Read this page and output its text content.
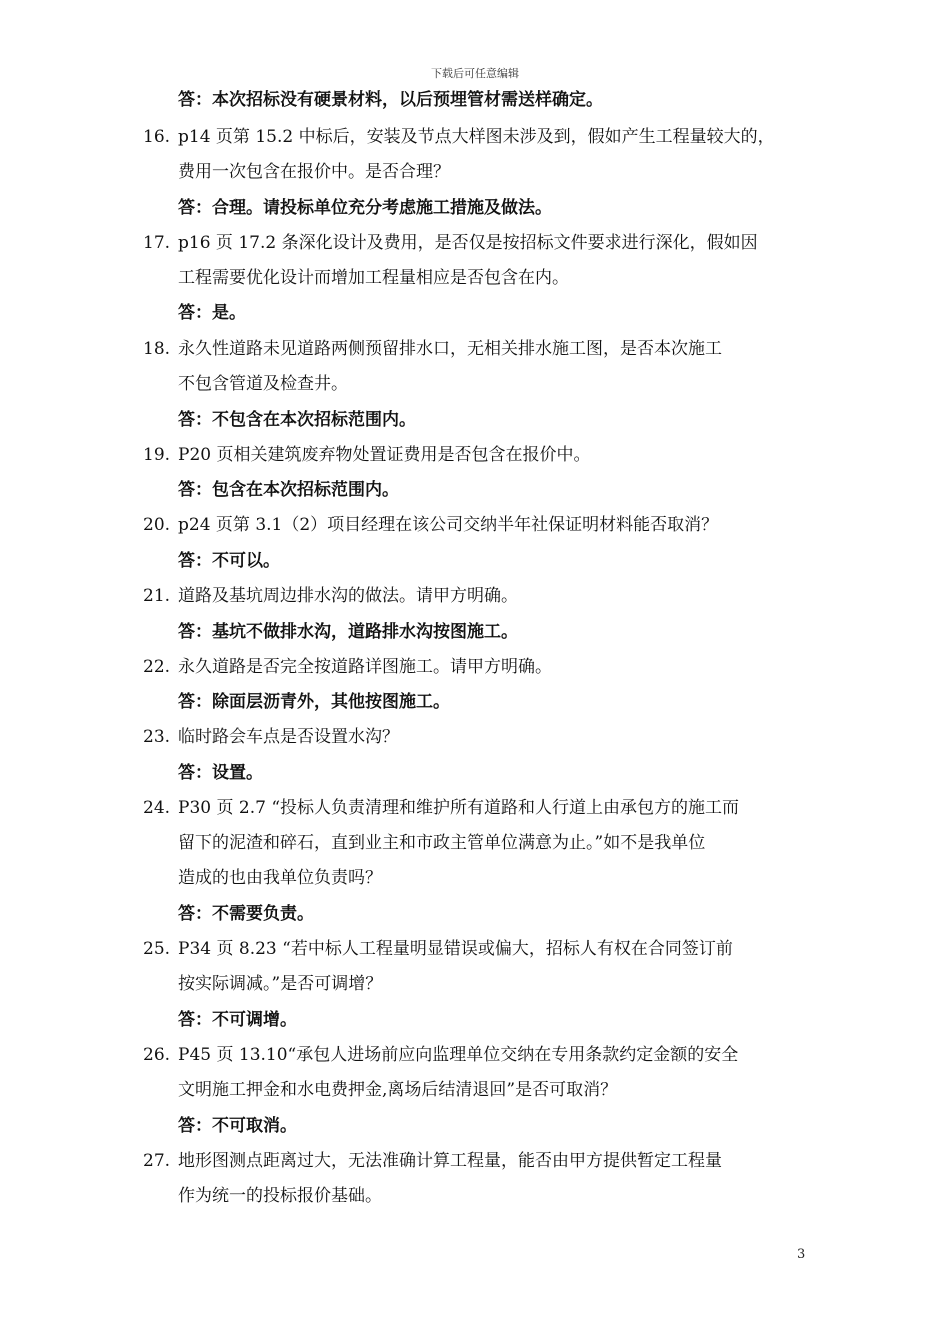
下载后可任意编辑
答：本次招标没有硬景材料，以后预埋管材需送样确定。
16. p14 页第 15.2 中标后，安装及节点大样图未涉及到，假如产生工程量较大的，
费用一次包含在报价中。是否合理？
答：合理。请投标单位充分考虑施工措施及做法。
17. p16 页 17.2 条深化设计及费用，是否仅是按招标文件要求进行深化，假如因
工程需要优化设计而增加工程量相应是否包含在内。
答：是。
18. 永久性道路未见道路两侧预留排水口，无相关排水施工图，是否本次施工
不包含管道及检查井。
答：不包含在本次招标范围内。
19. P20 页相关建筑废弃物处置证费用是否包含在报价中。
答：包含在本次招标范围内。
20. p24 页第 3.1（2）项目经理在该公司交纳半年社保证明材料能否取消？
答：不可以。
21. 道路及基坑周边排水沟的做法。请甲方明确。
答：基坑不做排水沟，道路排水沟按图施工。
22. 永久道路是否完全按道路详图施工。请甲方明确。
答：除面层沥青外，其他按图施工。
23. 临时路会车点是否设置水沟？
答：设置。
24. P30 页 2.7 “投标人负责清理和维护所有道路和人行道上由承包方的施工而
留下的泥渣和碎石，直到业主和市政主管单位满意为止。”如不是我单位
造成的也由我单位负责吗？
答：不需要负责。
25. P34 页 8.23 “若中标人工程量明显错误或偏大，招标人有权在合同签订前
按实际调减。”是否可调增？
答：不可调增。
26. P45 页 13.10“承包人进场前应向监理单位交纳在专用条款约定金额的安全
文明施工押金和水电费押金,离场后结清退回”是否可取消？
答：不可取消。
27. 地形图测点距离过大，无法准确计算工程量，能否由甲方提供暂定工程量
作为统一的投标报价基础。
3
